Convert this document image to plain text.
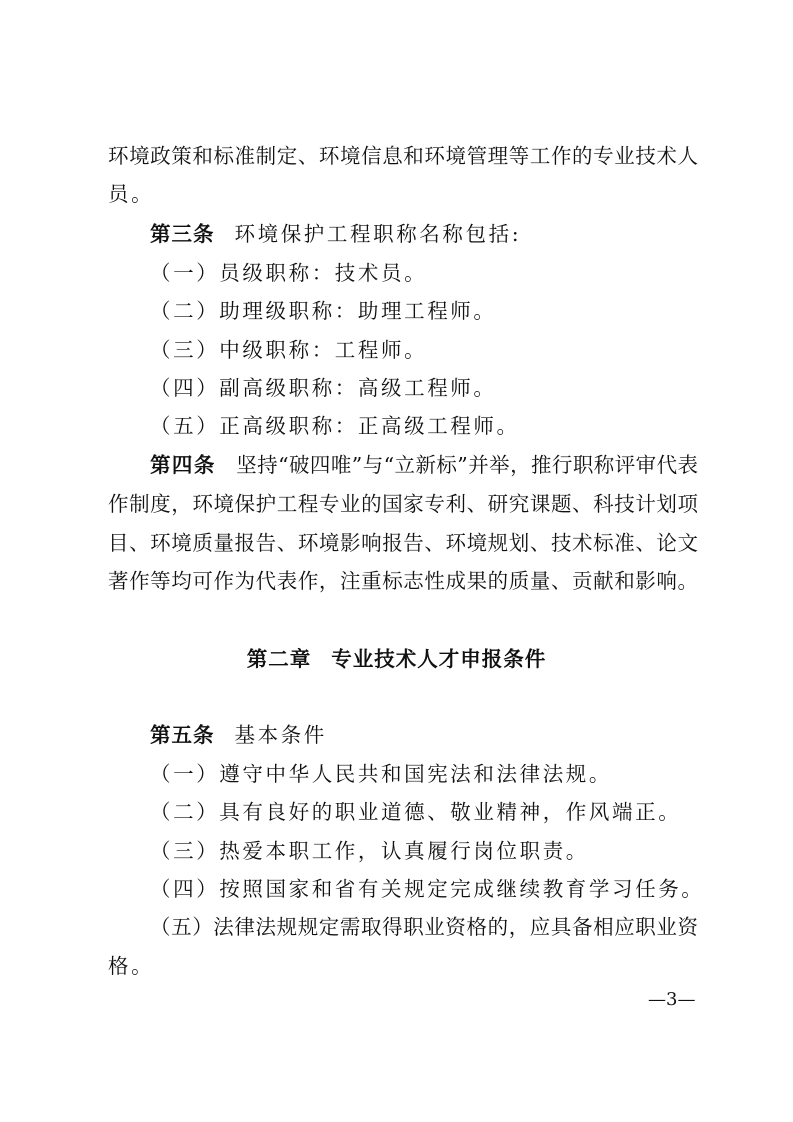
环境政策和标准制定、环境信息和环境管理等工作的专业技术人
员。
第三条 环境保护工程职称名称包括:
（一）员级职称：技术员。
（二）助理级职称：助理工程师。
（三）中级职称：工程师。
（四）副高级职称：高级工程师。
（五）正高级职称：正高级工程师。
第四条 坚持“破四唯”与“立新标”并举，推行职称评审代表
作制度，环境保护工程专业的国家专利、研究课题、科技计划项
目、环境质量报告、环境影响报告、环境规划、技术标准、论文
著作等均可作为代表作，注重标志性成果的质量、贡献和影响。
第二章 专业技术人才申报条件
第五条 基本条件
（一）遵守中华人民共和国宪法和法律法规。
（二）具有良好的职业道德、敬业精神，作风端正。
（三）热爱本职工作，认真履行岗位职责。
（四）按照国家和省有关规定完成继续教育学习任务。
（五）法律法规规定需取得职业资格的，应具备相应职业资
格。
—3—
